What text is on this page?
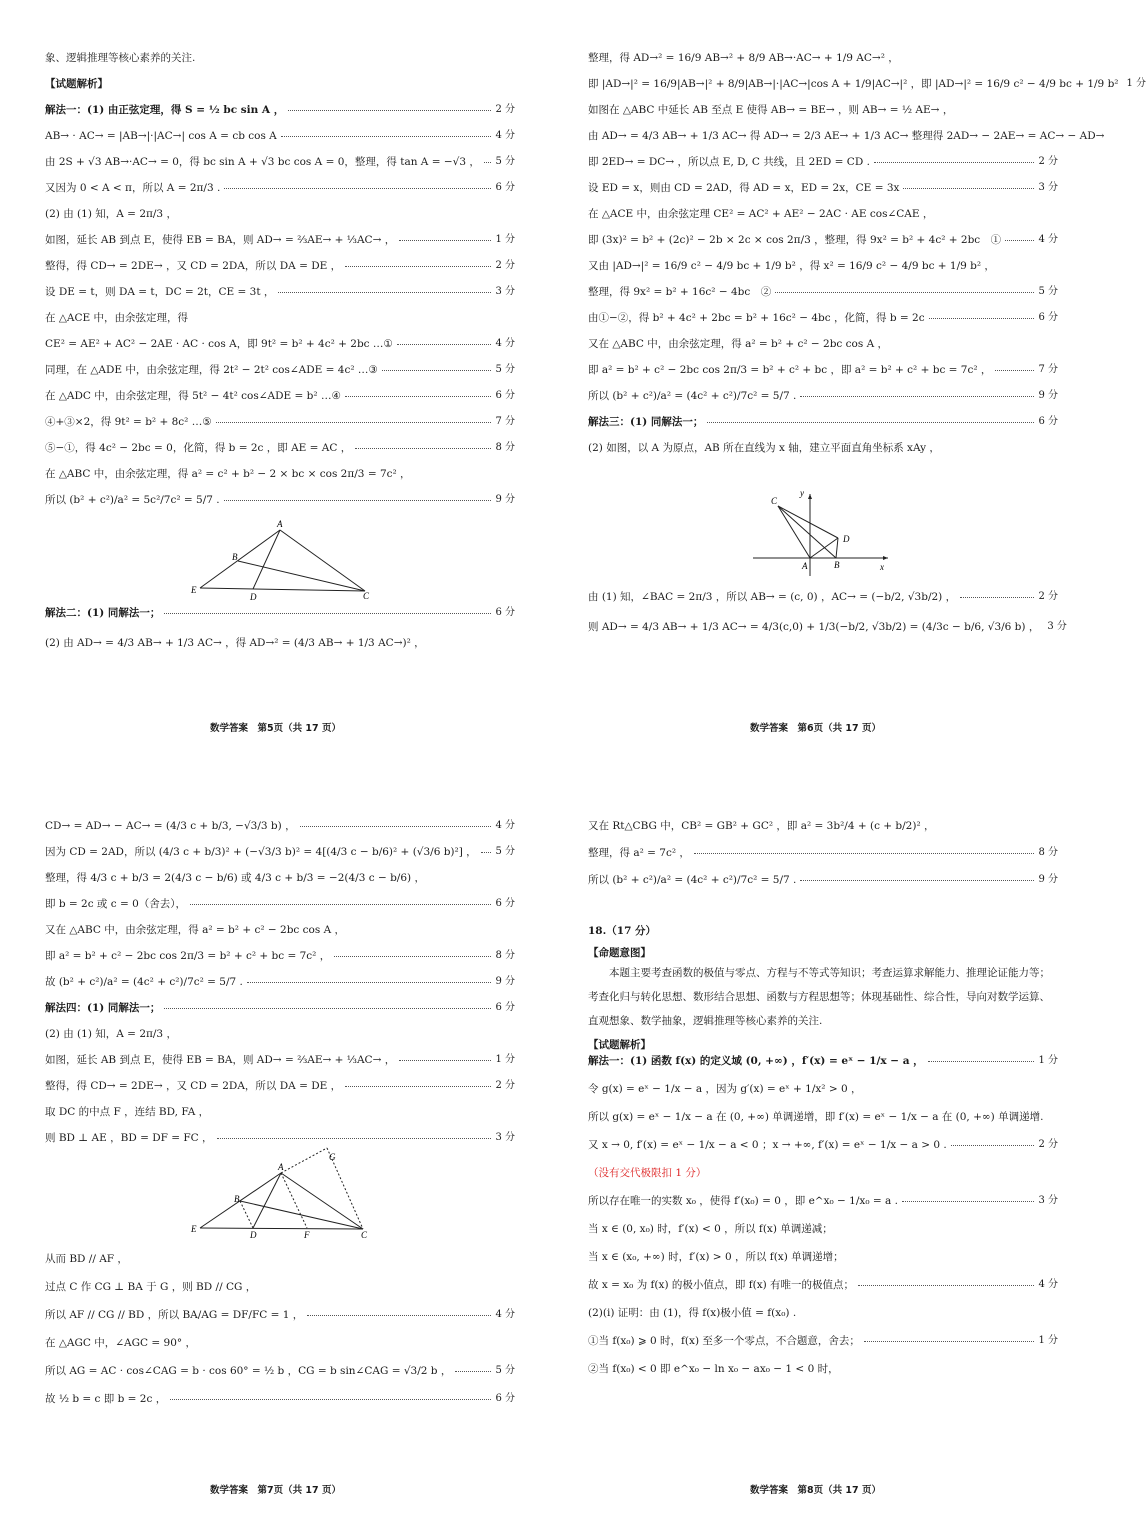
象、逻辑推理等核心素养的关注.
【试题解析】
解法一：(1) 由正弦定理，得 S = ½ bc sin A ，	2 分
AB→ · AC→ = |AB→|·|AC→| cos A = cb cos A	4 分
由 2S + √3 AB→·AC→ = 0，得 bc sin A + √3 bc cos A = 0，整理，得 tan A = −√3 ， 5 分
又因为 0 < A < π，所以 A = 2π/3 .	6 分
(2) 由 (1) 知，A = 2π/3 ，
如图，延长 AB 到点 E，使得 EB = BA，则 AD→ = ⅔AE→ + ⅓AC→ ，	1 分
整得，得 CD→ = 2DE→ ，又 CD = 2DA，所以 DA = DE ，	2 分
设 DE = t，则 DA = t，DC = 2t，CE = 3t ，	3 分
在 △ACE 中，由余弦定理，得
CE² = AE² + AC² − 2AE · AC · cos A，即 9t² = b² + 4c² + 2bc …①	4 分
同理，在 △ADE 中，由余弦定理，得 2t² − 2t² cos∠ADE = 4c² …③	5 分
在 △ADC 中，由余弦定理，得 5t² − 4t² cos∠ADE = b² …④	6 分
④+③×2，得 9t² = b² + 8c² …⑤	7 分
⑤−①，得 4c² − 2bc = 0，化简，得 b = 2c ，即 AE = AC ，	8 分
在 △ABC 中，由余弦定理，得 a² = c² + b² − 2 × bc × cos 2π/3 = 7c² ，
所以 (b² + c²)/a² = 5c²/7c² = 5/7 .	9 分
A
B
C
D
E
解法二：(1) 同解法一；	6 分
(2) 由 AD→ = 4/3 AB→ + 1/3 AC→ ，得 AD→² = (4/3 AB→ + 1/3 AC→)² ，
数学答案　第5页（共 17 页）
整理，得 AD→² = 16/9 AB→² + 8/9 AB→·AC→ + 1/9 AC→² ，
即 |AD→|² = 16/9|AB→|² + 8/9|AB→|·|AC→|cos A + 1/9|AC→|² ，即 |AD→|² = 16/9 c² − 4/9 bc + 1/9 b² 1 分
如图在 △ABC 中延长 AB 至点 E 使得 AB→ = BE→ ，则 AB→ = ½ AE→ ，
由 AD→ = 4/3 AB→ + 1/3 AC→ 得 AD→ = 2/3 AE→ + 1/3 AC→ 整理得 2AD→ − 2AE→ = AC→ − AD→
即 2ED→ = DC→ ，所以点 E, D, C 共线，且 2ED = CD .	2 分
设 ED = x，则由 CD = 2AD，得 AD = x，ED = 2x，CE = 3x	3 分
在 △ACE 中，由余弦定理 CE² = AC² + AE² − 2AC · AE cos∠CAE ，
即 (3x)² = b² + (2c)² − 2b × 2c × cos 2π/3 ，整理，得 9x² = b² + 4c² + 2bc　①	4 分
又由 |AD→|² = 16/9 c² − 4/9 bc + 1/9 b² ，得 x² = 16/9 c² − 4/9 bc + 1/9 b² ，
整理，得 9x² = b² + 16c² − 4bc　②	5 分
由①−②，得 b² + 4c² + 2bc = b² + 16c² − 4bc ，化简，得 b = 2c	6 分
又在 △ABC 中，由余弦定理，得 a² = b² + c² − 2bc cos A ，
即 a² = b² + c² − 2bc cos 2π/3 = b² + c² + bc ，即 a² = b² + c² + bc = 7c² ，	7 分
所以 (b² + c²)/a² = (4c² + c²)/7c² = 5/7 .	9 分
解法三：(1) 同解法一；	6 分
(2) 如图，以 A 为原点，AB 所在直线为 x 轴，建立平面直角坐标系 xAy ，
C
A	B
D
x
y
由 (1) 知，∠BAC = 2π/3 ，所以 AB→ = (c, 0) ，AC→ = (−b/2, √3b/2) ，	2 分
则 AD→ = 4/3 AB→ + 1/3 AC→ = 4/3(c,0) + 1/3(−b/2, √3b/2) = (4/3c − b/6, √3/6 b) ， 3 分
数学答案　第6页（共 17 页）
CD→ = AD→ − AC→ = (4/3 c + b/3, −√3/3 b) ，	4 分
因为 CD = 2AD，所以 (4/3 c + b/3)² + (−√3/3 b)² = 4[(4/3 c − b/6)² + (√3/6 b)²] ， 5 分
整理，得 4/3 c + b/3 = 2(4/3 c − b/6) 或 4/3 c + b/3 = −2(4/3 c − b/6) ，
即 b = 2c 或 c = 0（舍去），	6 分
又在 △ABC 中，由余弦定理，得 a² = b² + c² − 2bc cos A ，
即 a² = b² + c² − 2bc cos 2π/3 = b² + c² + bc = 7c² ，	8 分
故 (b² + c²)/a² = (4c² + c²)/7c² = 5/7 .	9 分
解法四：(1) 同解法一；	6 分
(2) 由 (1) 知，A = 2π/3 ，
如图，延长 AB 到点 E，使得 EB = BA，则 AD→ = ⅔AE→ + ⅓AC→ ，	1 分
整得，得 CD→ = 2DE→ ，又 CD = 2DA，所以 DA = DE ，	2 分
取 DC 的中点 F ，连结 BD, FA ，
则 BD ⊥ AE ，BD = DF = FC ，	3 分
A
B
C
D
E
F
G
从而 BD // AF ，
过点 C 作 CG ⊥ BA 于 G ，则 BD // CG ，
所以 AF // CG // BD ，所以 BA/AG = DF/FC = 1 ，	4 分
在 △AGC 中，∠AGC = 90° ，
所以 AG = AC · cos∠CAG = b · cos 60° = ½ b ，CG = b sin∠CAG = √3/2 b ，	5 分
故 ½ b = c 即 b = 2c ，	6 分
数学答案　第7页（共 17 页）
又在 Rt△CBG 中，CB² = GB² + GC² ，即 a² = 3b²/4 + (c + b/2)² ，
整理，得 a² = 7c² ，	8 分
所以 (b² + c²)/a² = (4c² + c²)/7c² = 5/7 .	9 分
18.（17 分）
【命题意图】
本题主要考查函数的极值与零点、方程与不等式等知识；考查运算求解能力、推理论证能力等；考查化归与转化思想、数形结合思想、函数与方程思想等；体现基础性、综合性，导向对数学运算、直观想象、数学抽象，逻辑推理等核心素养的关注.
【试题解析】
解法一：(1) 函数 f(x) 的定义域 (0, +∞) ，f′(x) = eˣ − 1/x − a ，	1 分
令 g(x) = eˣ − 1/x − a ，因为 g′(x) = eˣ + 1/x² > 0 ，
所以 g(x) = eˣ − 1/x − a 在 (0, +∞) 单调递增，即 f′(x) = eˣ − 1/x − a 在 (0, +∞) 单调递增.
又 x → 0, f′(x) = eˣ − 1/x − a < 0 ；x → +∞, f′(x) = eˣ − 1/x − a > 0 .	2 分
（没有交代极限扣 1 分）
所以存在唯一的实数 x₀ ，使得 f′(x₀) = 0 ，即 e^x₀ − 1/x₀ = a .	3 分
当 x ∈ (0, x₀) 时，f′(x) < 0 ，所以 f(x) 单调递减；
当 x ∈ (x₀, +∞) 时，f′(x) > 0 ，所以 f(x) 单调递增；
故 x = x₀ 为 f(x) 的极小值点，即 f(x) 有唯一的极值点；	4 分
(2)(i) 证明：由 (1)，得 f(x)极小值 = f(x₀) .
①当 f(x₀) ⩾ 0 时，f(x) 至多一个零点，不合题意，舍去；	1 分
②当 f(x₀) < 0 即 e^x₀ − ln x₀ − ax₀ − 1 < 0 时，
数学答案　第8页（共 17 页）
